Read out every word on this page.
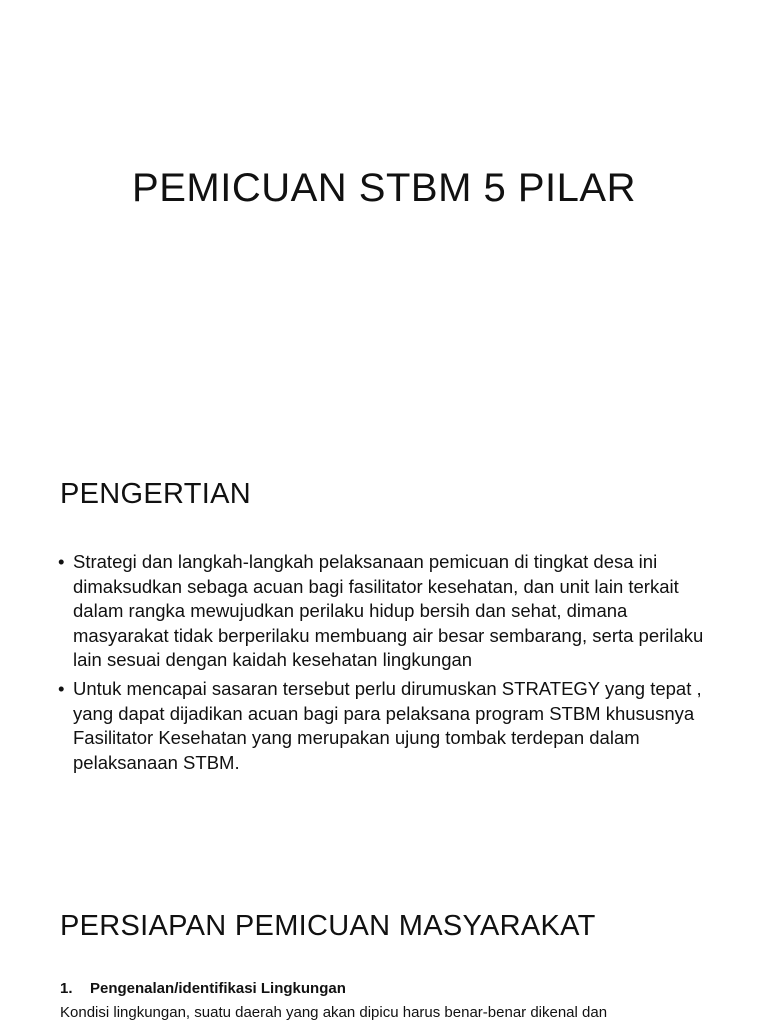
PEMICUAN STBM 5 PILAR
PENGERTIAN
• Strategi dan langkah-langkah pelaksanaan pemicuan di tingkat desa ini dimaksudkan sebaga acuan bagi fasilitator kesehatan, dan unit lain terkait dalam rangka mewujudkan perilaku hidup bersih dan sehat, dimana masyarakat tidak berperilaku membuang air besar sembarang, serta perilaku lain sesuai dengan kaidah kesehatan lingkungan
• Untuk mencapai sasaran tersebut perlu dirumuskan STRATEGY yang tepat , yang dapat dijadikan acuan bagi para pelaksana program STBM khususnya Fasilitator Kesehatan yang merupakan ujung tombak terdepan dalam pelaksanaan STBM.
PERSIAPAN PEMICUAN MASYARAKAT

1. Pengenalan/identifikasi Lingkungan

Kondisi lingkungan, suatu daerah yang akan dipicu harus benar-benar dikenal dan
